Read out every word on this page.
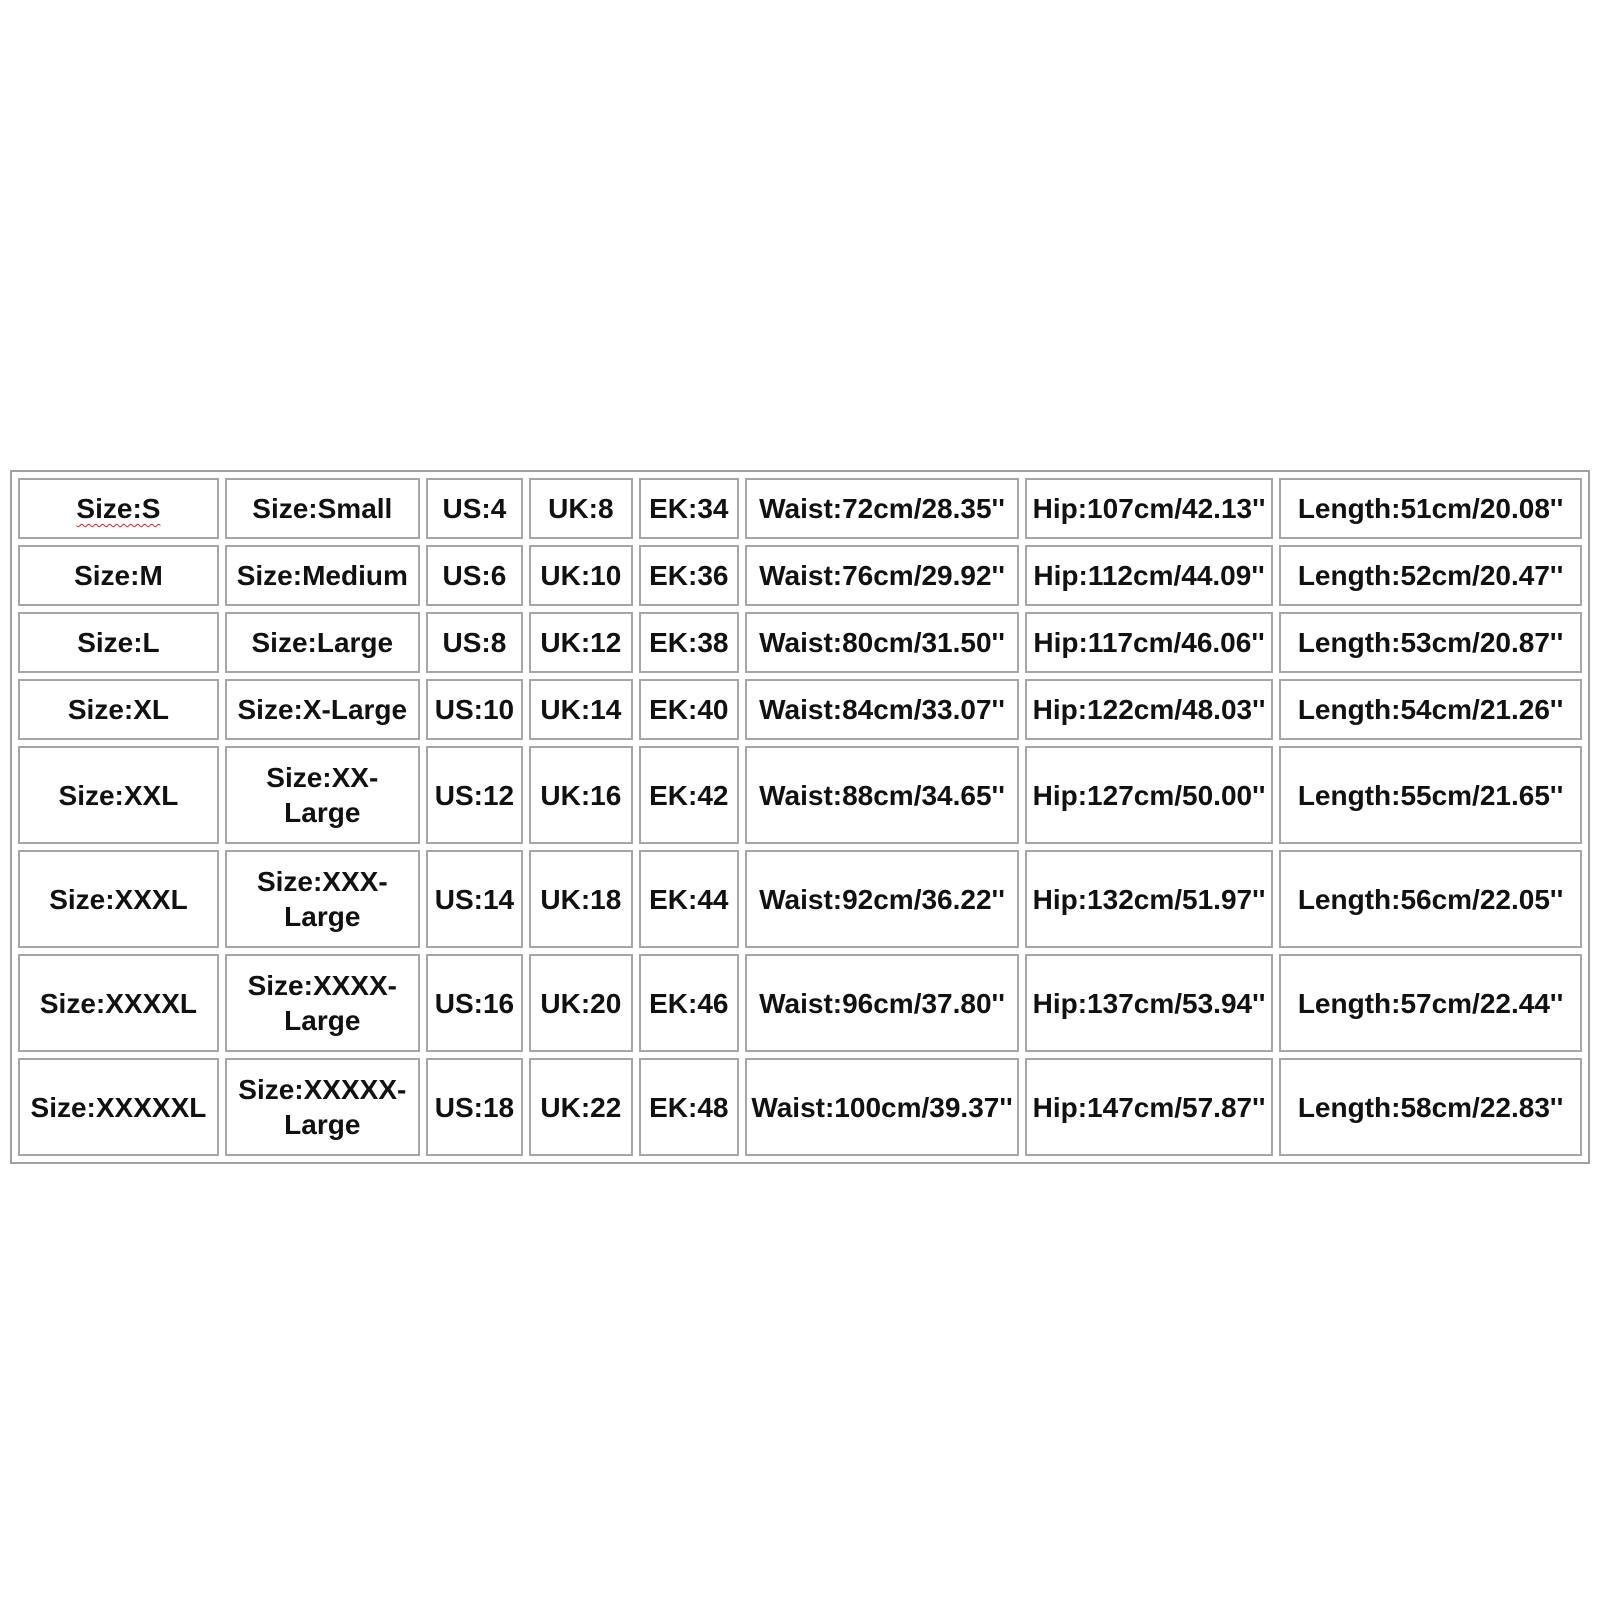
Size:S	Size:Small	US:4	UK:8	EK:34	Waist:72cm/28.35''	Hip:107cm/42.13''	Length:51cm/20.08''
Size:M	Size:Medium	US:6	UK:10	EK:36	Waist:76cm/29.92''	Hip:112cm/44.09''	Length:52cm/20.47''
Size:L	Size:Large	US:8	UK:12	EK:38	Waist:80cm/31.50''	Hip:117cm/46.06''	Length:53cm/20.87''
Size:XL	Size:X-Large	US:10	UK:14	EK:40	Waist:84cm/33.07''	Hip:122cm/48.03''	Length:54cm/21.26''
Size:XXL	Size:XX-Large	US:12	UK:16	EK:42	Waist:88cm/34.65''	Hip:127cm/50.00''	Length:55cm/21.65''
Size:XXXL	Size:XXX-Large	US:14	UK:18	EK:44	Waist:92cm/36.22''	Hip:132cm/51.97''	Length:56cm/22.05''
Size:XXXXL	Size:XXXX-Large	US:16	UK:20	EK:46	Waist:96cm/37.80''	Hip:137cm/53.94''	Length:57cm/22.44''
Size:XXXXXL	Size:XXXXX-Large	US:18	UK:22	EK:48	Waist:100cm/39.37''	Hip:147cm/57.87''	Length:58cm/22.83''
